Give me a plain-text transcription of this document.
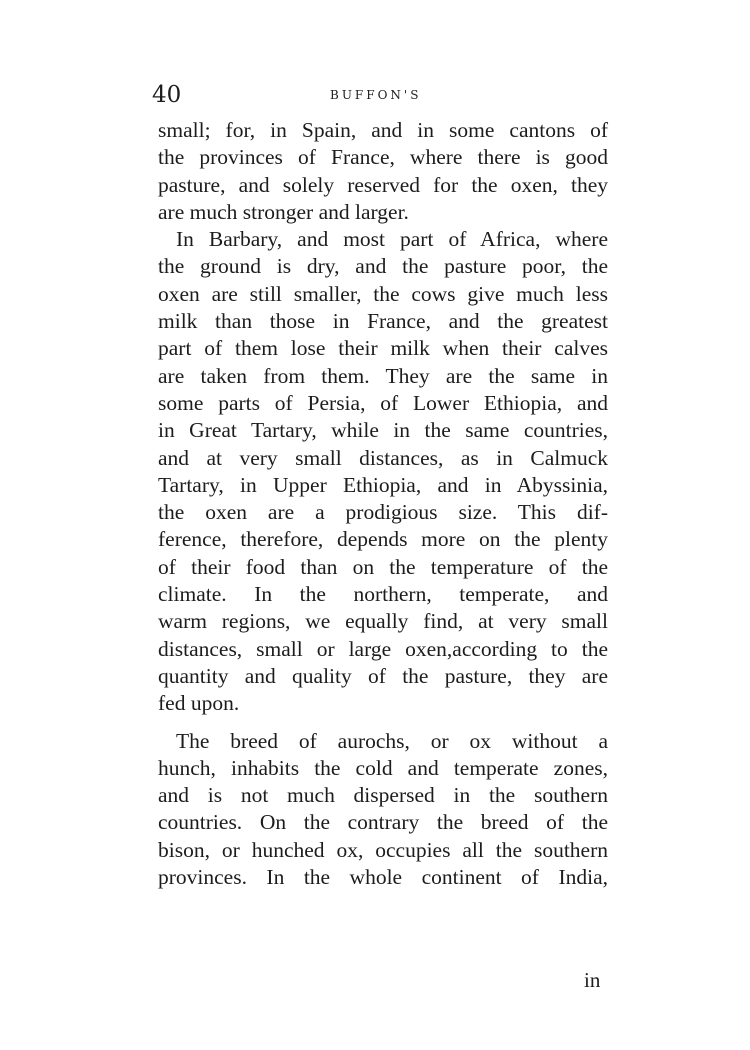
40	BUFFON'S
small; for, in Spain, and in some cantons of
the provinces of France, where there is good
pasture, and solely reserved for the oxen, they
are much stronger and larger.
In Barbary, and most part of Africa, where
the ground is dry, and the pasture poor, the
oxen are still smaller, the cows give much less
milk than those in France, and the greatest
part of them lose their milk when their calves
are taken from them. They are the same in
some parts of Persia, of Lower Ethiopia, and
in Great Tartary, while in the same countries,
and at very small distances, as in Calmuck
Tartary, in Upper Ethiopia, and in Abyssinia,
the oxen are a prodigious size. This dif-
ference, therefore, depends more on the plenty
of their food than on the temperature of the
climate. In the northern, temperate, and
warm regions, we equally find, at very small
distances, small or large oxen,according to the
quantity and quality of the pasture, they are
fed upon.
The breed of aurochs, or ox without a
hunch, inhabits the cold and temperate zones,
and is not much dispersed in the southern
countries. On the contrary the breed of the
bison, or hunched ox, occupies all the southern
provinces. In the whole continent of India,
in
